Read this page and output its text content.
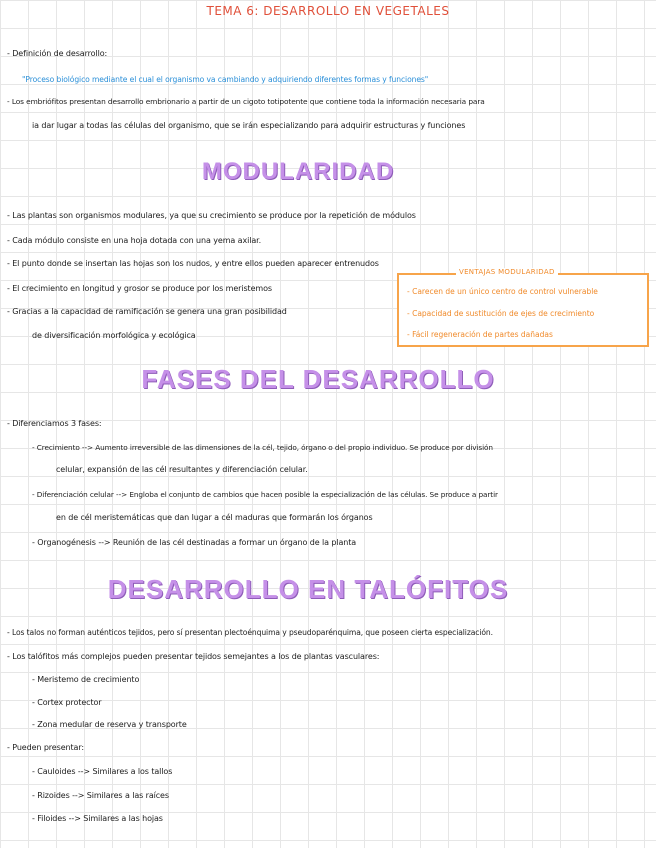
TEMA 6: DESARROLLO EN VEGETALES
- Definición de desarrollo:
"Proceso biológico mediante el cual el organismo va cambiando y adquiriendo diferentes formas y funciones"
- Los embriófitos presentan desarrollo embrionario a partir de un cigoto totipotente que contiene toda la información necesaria para
ia dar lugar a todas las células del organismo, que se irán especializando para adquirir estructuras y funciones
MODULARIDAD
- Las plantas son organismos modulares, ya que su crecimiento se produce por la repetición de módulos
- Cada módulo consiste en una hoja dotada con una yema axilar.
- El punto donde se insertan las hojas son los nudos, y entre ellos pueden aparecer entrenudos
- El crecimiento en longitud y grosor se produce por los meristemos
- Gracias a la capacidad de ramificación se genera una gran posibilidad
de diversificación morfológica y ecológica
VENTAJAS MODULARIDAD
- Carecen de un único centro de control vulnerable
- Capacidad de sustitución de ejes de crecimiento
- Fácil regeneración de partes dañadas
FASES DEL DESARROLLO
- Diferenciamos 3 fases:
- Crecimiento --> Aumento irreversible de las dimensiones de la cél, tejido, órgano o del propio individuo. Se produce por división
celular, expansión de las cél resultantes y diferenciación celular.
- Diferenciación celular --> Engloba el conjunto de cambios que hacen posible la especialización de las células. Se produce a partir
en de cél meristemáticas que dan lugar a cél maduras que formarán los órganos
- Organogénesis --> Reunión de las cél destinadas a formar un órgano de la planta
DESARROLLO EN TALÓFITOS
- Los talos no forman auténticos tejidos, pero sí presentan plectoénquima y pseudoparénquima, que poseen cierta especialización.
- Los talófitos más complejos pueden presentar tejidos semejantes a los de plantas vasculares:
- Meristemo de crecimiento
- Cortex protector
- Zona medular de reserva y transporte
- Pueden presentar:
- Cauloides --> Similares a los tallos
- Rizoides --> Similares a las raíces
- Filoides --> Similares a las hojas
